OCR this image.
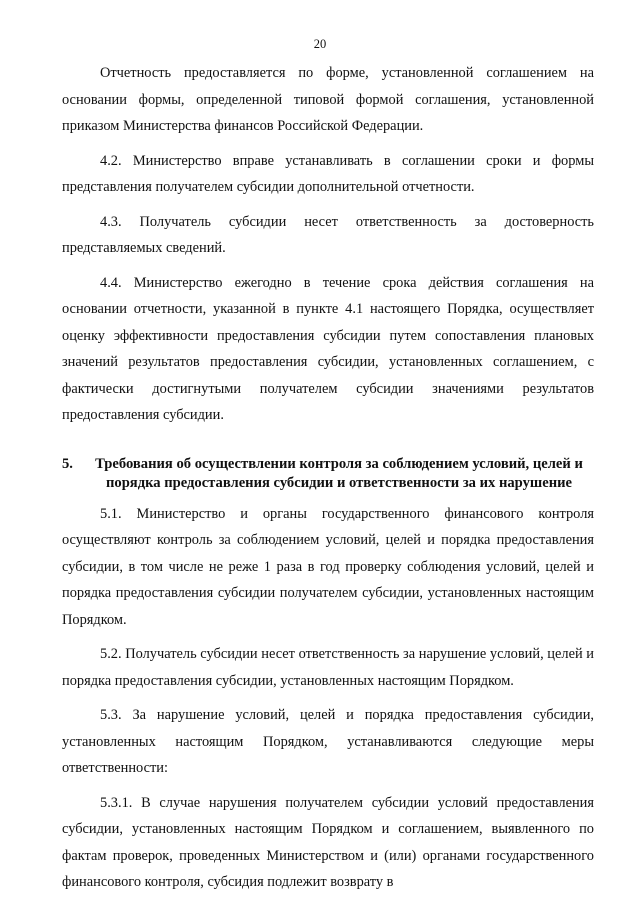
20

Отчетность предоставляется по форме, установленной соглашением на основании формы, определенной типовой формой соглашения, установленной приказом Министерства финансов Российской Федерации.

4.2. Министерство вправе устанавливать в соглашении сроки и формы представления получателем субсидии дополнительной отчетности.

4.3. Получатель субсидии несет ответственность за достоверность представляемых сведений.

4.4. Министерство ежегодно в течение срока действия соглашения на основании отчетности, указанной в пункте 4.1 настоящего Порядка, осуществляет оценку эффективности предоставления субсидии путем сопоставления плановых значений результатов предоставления субсидии, установленных соглашением, с фактически достигнутыми получателем субсидии значениями результатов предоставления субсидии.

5.	Требования об осуществлении контроля за соблюдением условий, целей и порядка предоставления субсидии и ответственности за их нарушение

5.1. Министерство и органы государственного финансового контроля осуществляют контроль за соблюдением условий, целей и порядка предоставления субсидии, в том числе не реже 1 раза в год проверку соблюдения условий, целей и порядка предоставления субсидии получателем субсидии, установленных настоящим Порядком.

5.2. Получатель субсидии несет ответственность за нарушение условий, целей и порядка предоставления субсидии, установленных настоящим Порядком.

5.3. За нарушение условий, целей и порядка предоставления субсидии, установленных настоящим Порядком, устанавливаются следующие меры ответственности:

5.3.1. В случае нарушения получателем субсидии условий предоставления субсидии, установленных настоящим Порядком и соглашением, выявленного по фактам проверок, проведенных Министерством и (или) органами государственного финансового контроля, субсидия подлежит возврату в
